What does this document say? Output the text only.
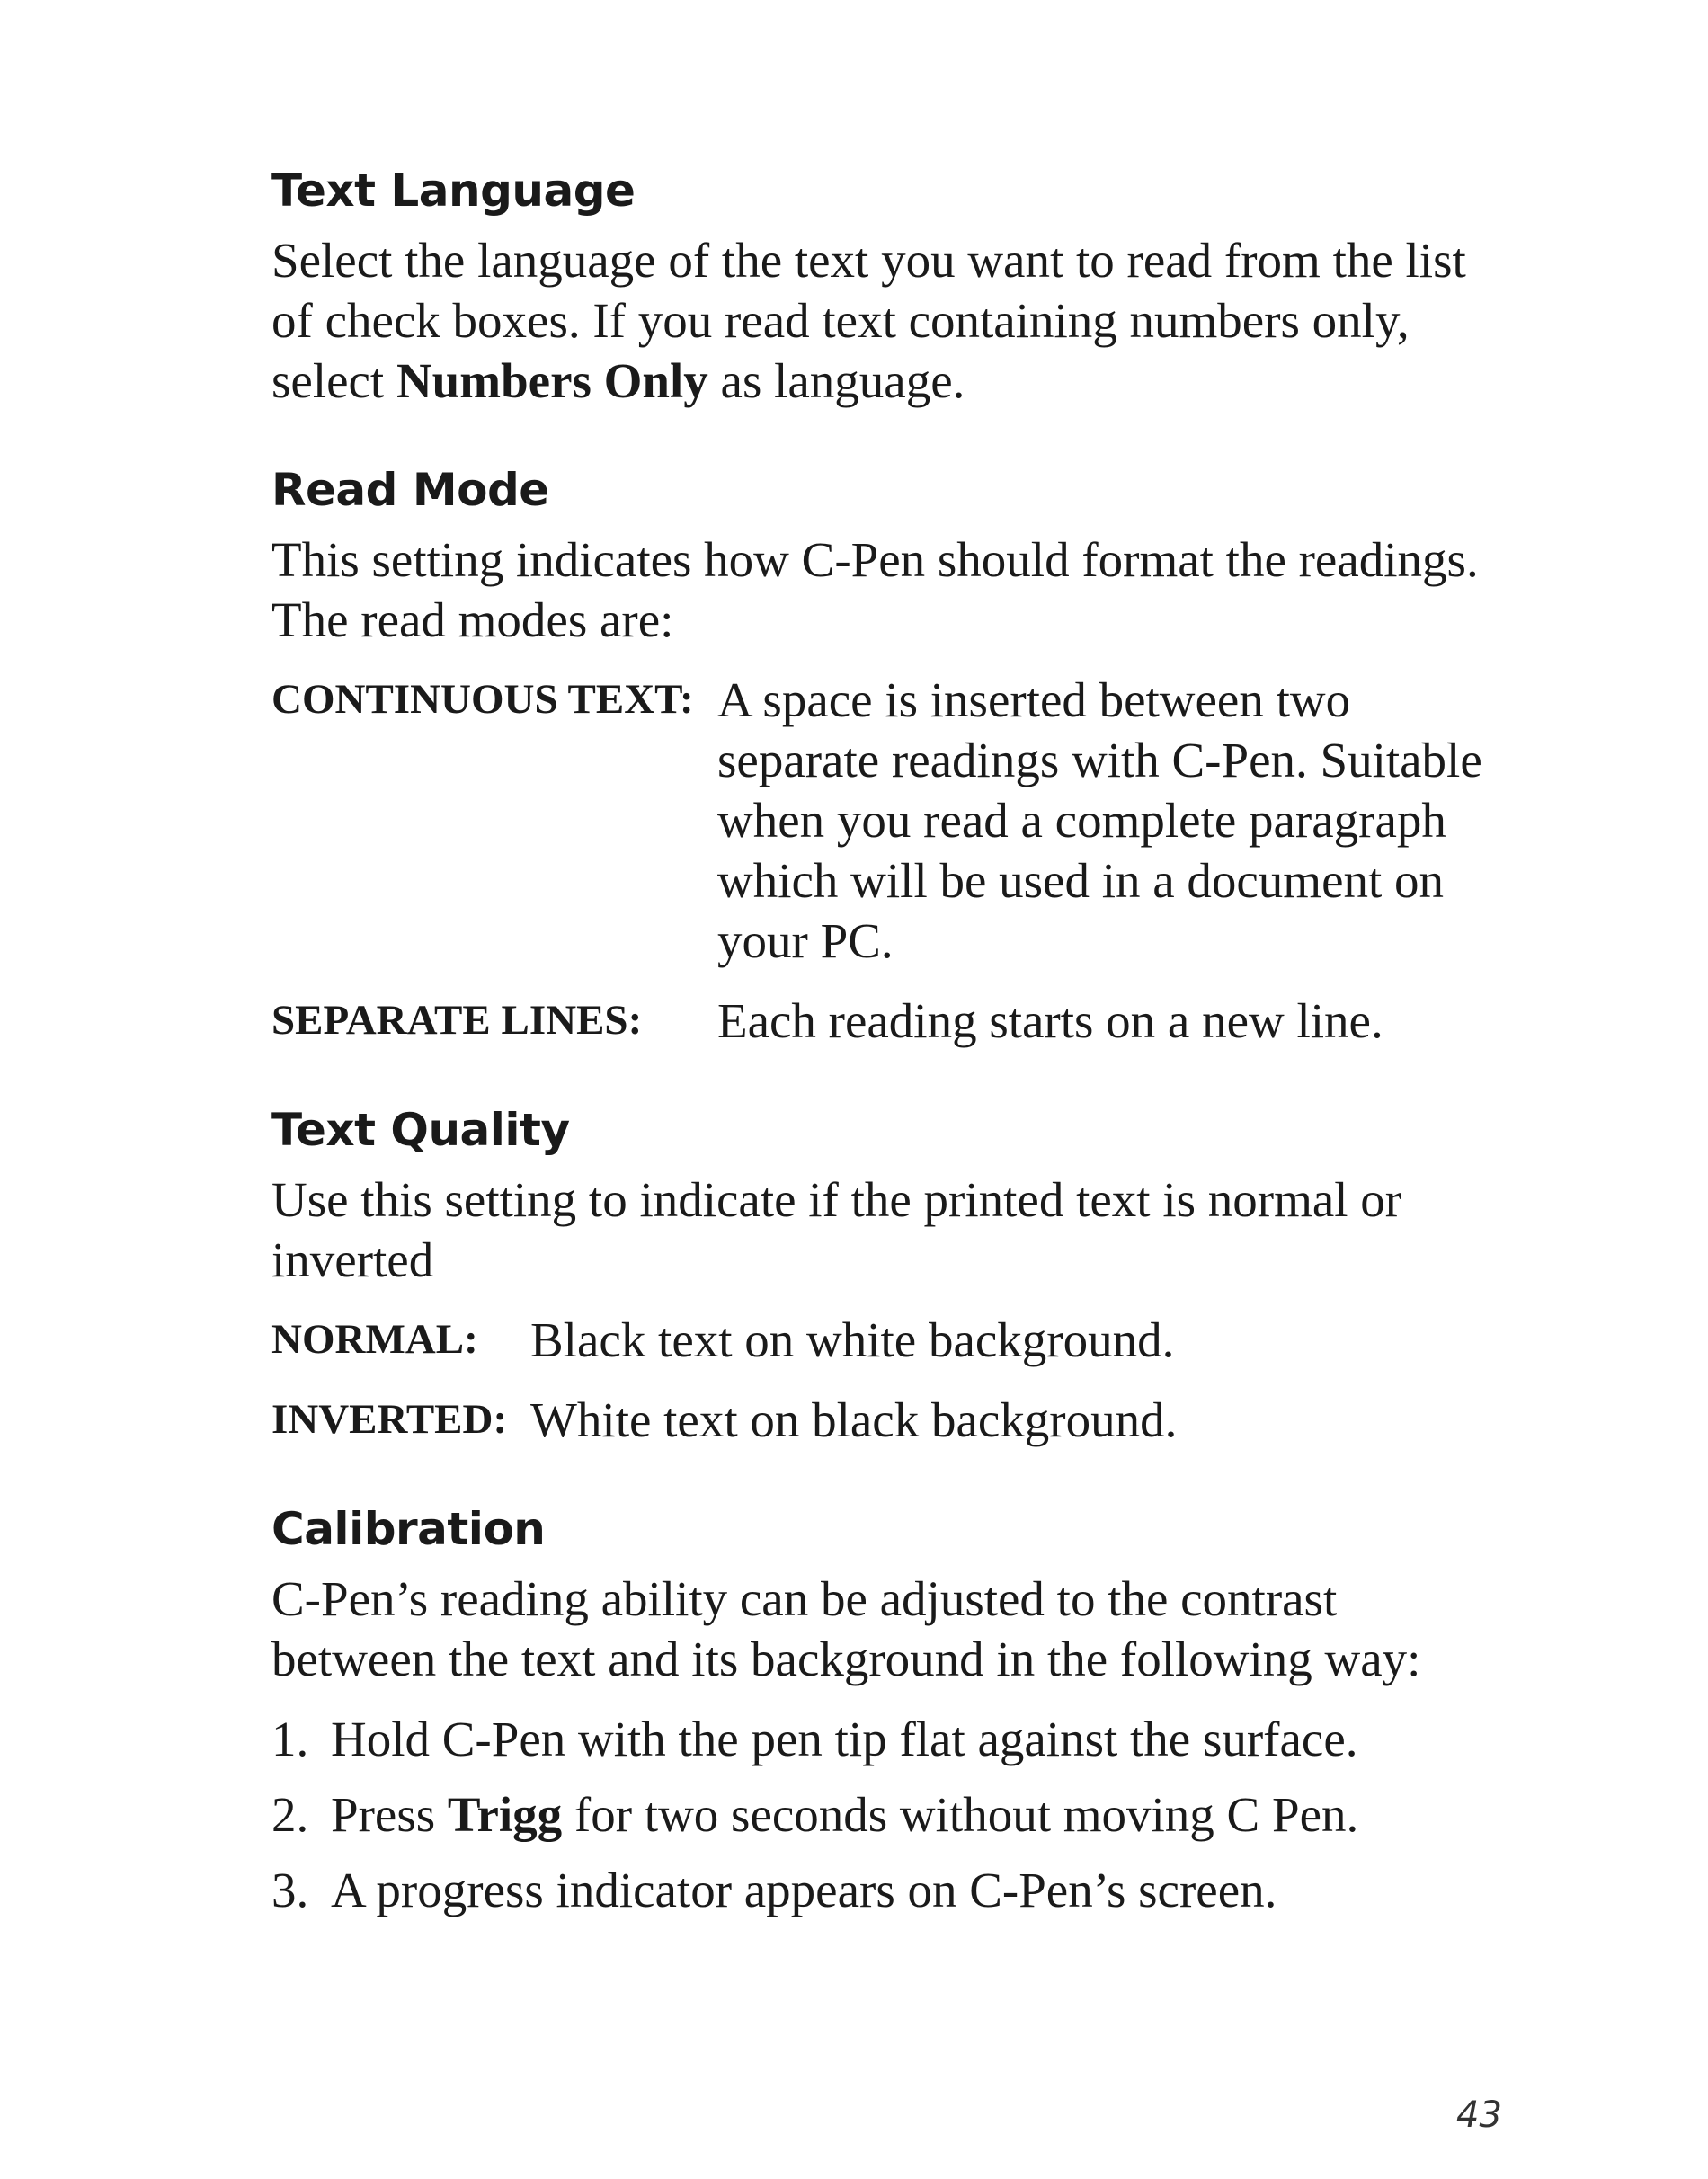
Text Language

Select the language of the text you want to read from the list of check boxes. If you read text containing numbers only, select Numbers Only as language.

Read Mode

This setting indicates how C-Pen should format the readings. The read modes are:

CONTINUOUS TEXT: A space is inserted between two separate readings with C-Pen. Suitable when you read a complete paragraph which will be used in a document on your PC.
SEPARATE LINES:	Each reading starts on a new line.
Text Quality

Use this setting to indicate if the printed text is normal or inverted

NORMAL:	Black text on white background.
INVERTED: White text on black background.
Calibration

C-Pen’s reading ability can be adjusted to the contrast between the text and its background in the following way:

1. Hold C-Pen with the pen tip flat against the surface.
2. Press Trigg for two seconds without moving C Pen.
3. A progress indicator appears on C-Pen’s screen.
43
